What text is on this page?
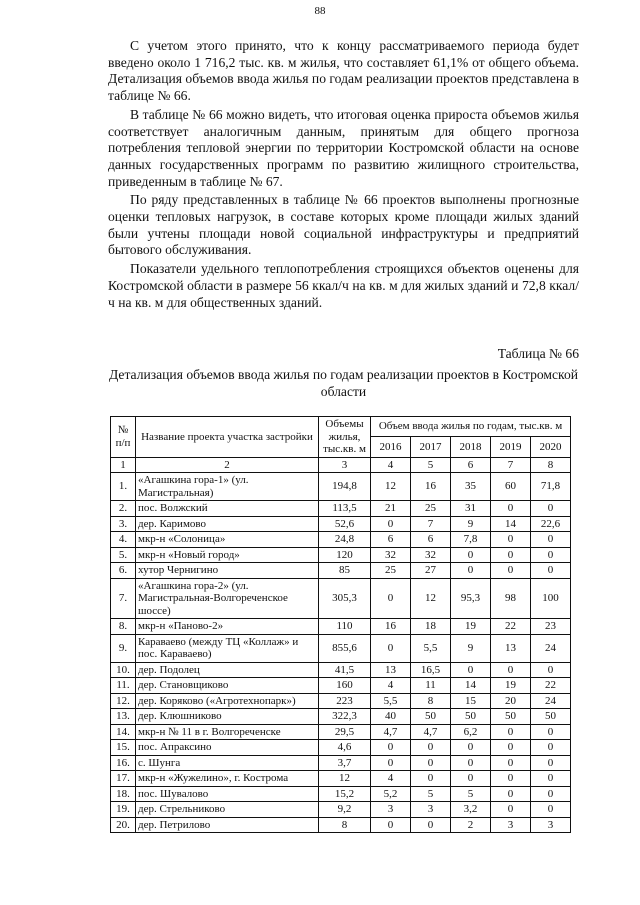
88

С учетом этого принято, что к концу рассматриваемого периода будет введено около 1 716,2 тыс. кв. м жилья, что составляет 61,1% от общего объема. Детализация объемов ввода жилья по годам реализации проектов представлена в таблице № 66.

В таблице № 66 можно видеть, что итоговая оценка прироста объемов жилья соответствует аналогичным данным, принятым для общего прогноза потребления тепловой энергии по территории Костромской области на основе данных государственных программ по развитию жилищного строительства, приведенным в таблице № 67.

По ряду представленных в таблице № 66 проектов выполнены прогнозные оценки тепловых нагрузок, в составе которых кроме площади жилых зданий были учтены площади новой социальной инфраструктуры и предприятий бытового обслуживания.

Показатели удельного теплопотребления строящихся объектов оценены для Костромской области в размере 56 ккал/ч на кв. м для жилых зданий и 72,8 ккал/ч на кв. м для общественных зданий.

Таблица № 66
Детализация объемов ввода жилья по годам реализации проектов в Костромской области
№ п/п	Название проекта участка застройки	Объемы жилья, тыс.кв. м	Объем ввода жилья по годам, тыс.кв. м				
			2016	2017	2018	2019	2020
1	2	3	4	5	6	7	8
1.	«Агашкина гора-1» (ул. Магистральная)	194,8	12	16	35	60	71,8
2.	пос. Волжский	113,5	21	25	31	0	0
3.	дер. Каримово	52,6	0	7	9	14	22,6
4.	мкр-н «Солоница»	24,8	6	6	7,8	0	0
5.	мкр-н «Новый город»	120	32	32	0	0	0
6.	хутор Чернигино	85	25	27	0	0	0
7.	«Агашкина гора-2» (ул. Магистральная-Волгореченское шоссе)	305,3	0	12	95,3	98	100
8.	мкр-н «Паново-2»	110	16	18	19	22	23
9.	Караваево (между ТЦ «Коллаж» и пос. Караваево)	855,6	0	5,5	9	13	24
10.	дер. Подолец	41,5	13	16,5	0	0	0
11.	дер. Становщиково	160	4	11	14	19	22
12.	дер. Коряково («Агротехнопарк»)	223	5,5	8	15	20	24
13.	дер. Клюшниково	322,3	40	50	50	50	50
14.	мкр-н № 11 в г. Волгореченске	29,5	4,7	4,7	6,2	0	0
15.	пос. Апраксино	4,6	0	0	0	0	0
16.	с. Шунга	3,7	0	0	0	0	0
17.	мкр-н «Жужелино», г. Кострома	12	4	0	0	0	0
18.	пос. Шувалово	15,2	5,2	5	5	0	0
19.	дер. Стрельниково	9,2	3	3	3,2	0	0
20.	дер. Петрилово	8	0	0	2	3	3
